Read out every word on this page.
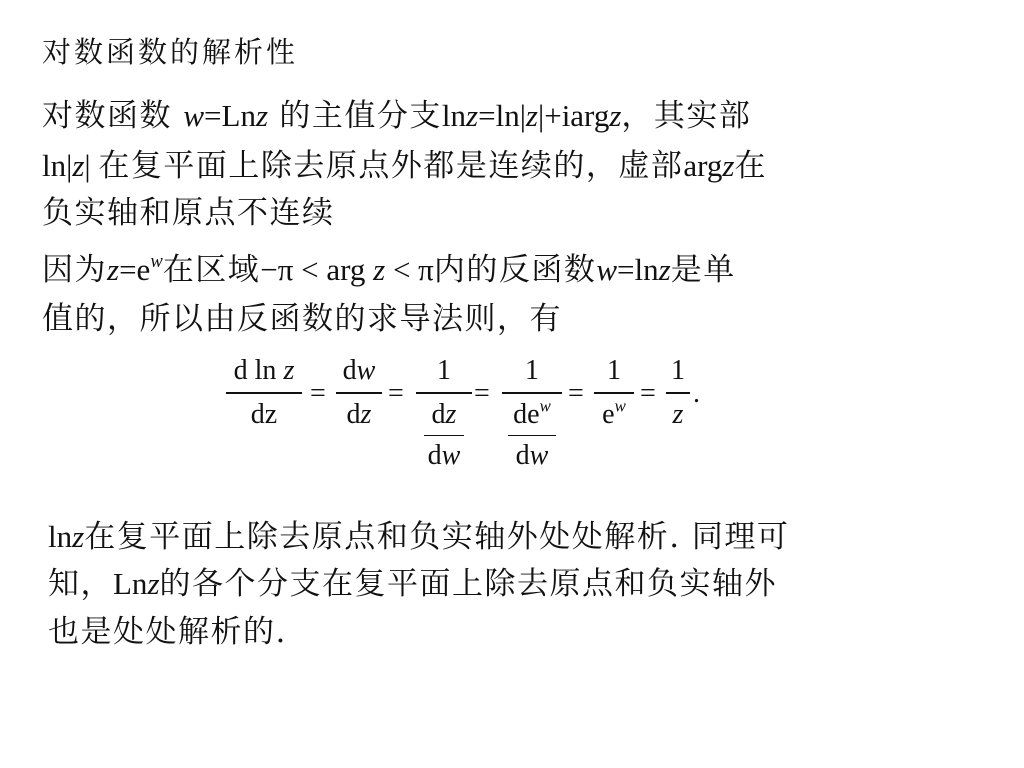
对数函数的解析性
对数函数 w=Lnz 的主值分支lnz=ln|z|+iargz，其实部
ln|z| 在复平面上除去原点外都是连续的，虚部argz在
负实轴和原点不连续
因为$z=e^w$在区域−π < arg z < π内的反函数w=lnz是单
值的，所以由反函数的求导法则，有
d ln z
dz
=
dw
dz
=
1
dz
dw
=
1
$de^w$
dw
=
1
$e^w$ =
1
z
.
lnz在复平面上除去原点和负实轴外处处解析. 同理可
知，Lnz的各个分支在复平面上除去原点和负实轴外
也是处处解析的.
